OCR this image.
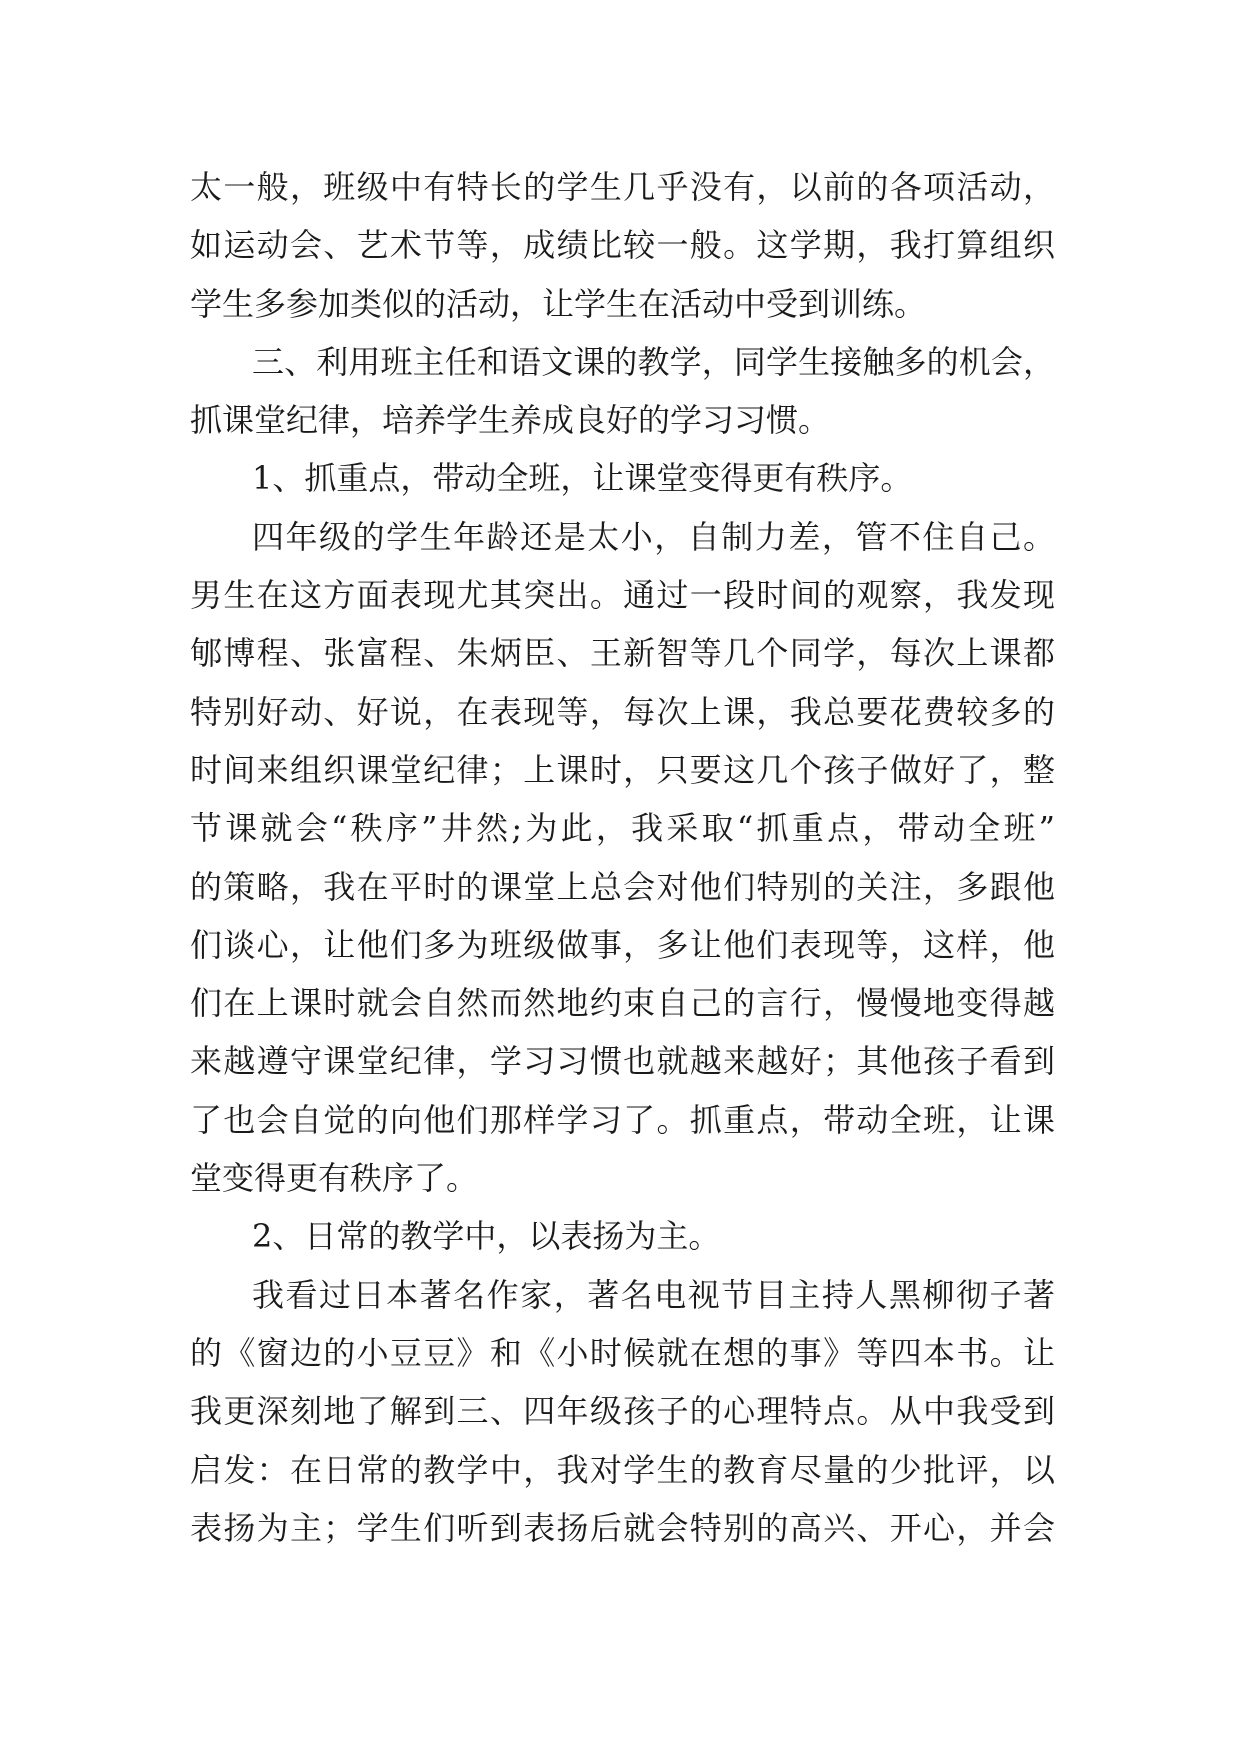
太一般，班级中有特长的学生几乎没有，以前的各项活动，
如运动会、艺术节等，成绩比较一般。这学期，我打算组织
学生多参加类似的活动，让学生在活动中受到训练。
三、利用班主任和语文课的教学，同学生接触多的机会，
抓课堂纪律，培养学生养成良好的学习习惯。
1、抓重点，带动全班，让课堂变得更有秩序。
四年级的学生年龄还是太小，自制力差，管不住自己。
男生在这方面表现尤其突出。通过一段时间的观察，我发现
郇博程、张富程、朱炳臣、王新智等几个同学，每次上课都
特别好动、好说，在表现等，每次上课，我总要花费较多的
时间来组织课堂纪律；上课时，只要这几个孩子做好了，整
节课就会“秩序”井然;为此，我采取“抓重点，带动全班”
的策略，我在平时的课堂上总会对他们特别的关注，多跟他
们谈心，让他们多为班级做事，多让他们表现等，这样，他
们在上课时就会自然而然地约束自己的言行，慢慢地变得越
来越遵守课堂纪律，学习习惯也就越来越好；其他孩子看到
了也会自觉的向他们那样学习了。抓重点，带动全班，让课
堂变得更有秩序了。
2、日常的教学中，以表扬为主。
我看过日本著名作家，著名电视节目主持人黑柳彻子著
的《窗边的小豆豆》和《小时候就在想的事》等四本书。让
我更深刻地了解到三、四年级孩子的心理特点。从中我受到
启发：在日常的教学中，我对学生的教育尽量的少批评，以
表扬为主；学生们听到表扬后就会特别的高兴、开心，并会
